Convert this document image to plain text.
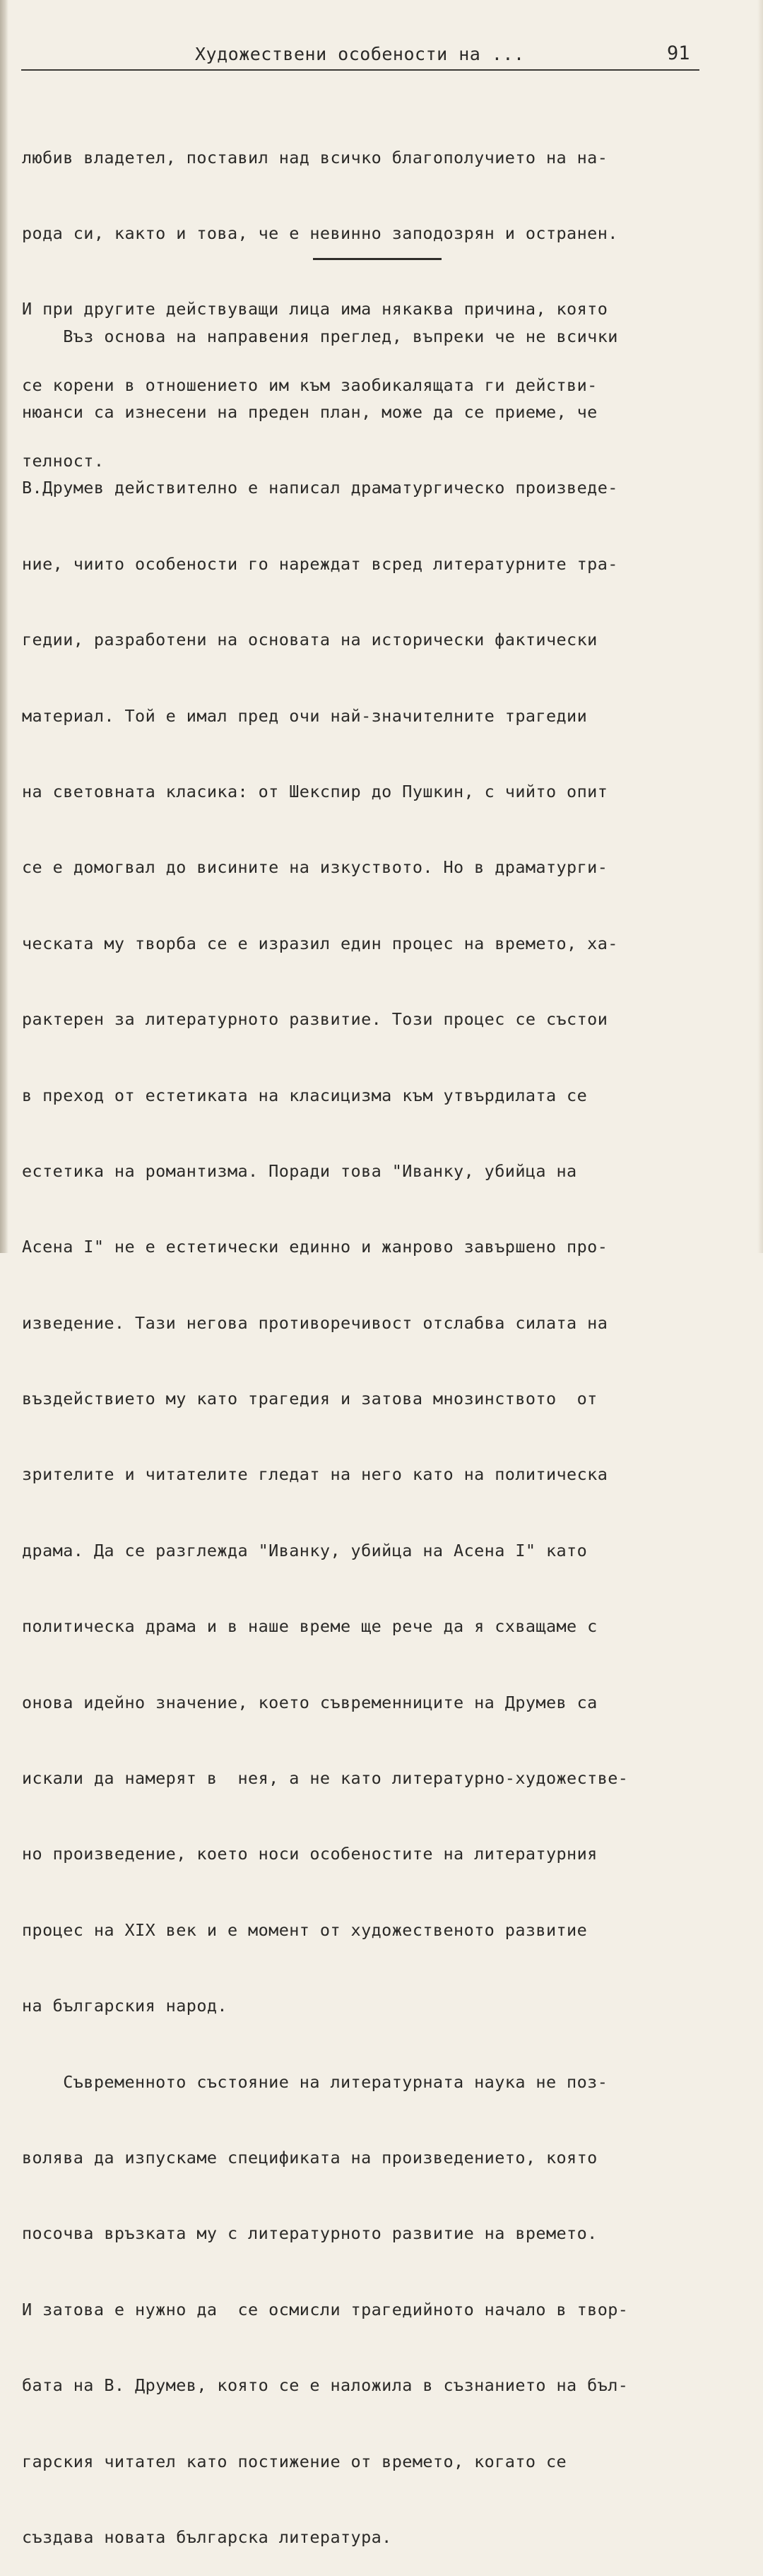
Художествени особености на ...	91

любив владетел, поставил над всичко благополучието на на-

рода си, както и това, че е невинно заподозрян и остранен.

И при другите действуващи лица има някаква причина, която

се корени в отношението им към заобикалящата ги действи-

телност.

Въз основа на направения преглед, въпреки че не всички

нюанси са изнесени на преден план, може да се приеме, че

В.Друмев действително е написал драматургическо произведе-

ние, чиито особености го нареждат всред литературните тра-

гедии, разработени на основата на исторически фактически

материал. Той е имал пред очи най-значителните трагедии

на световната класика: от Шекспир до Пушкин, с чийто опит

се е домогвал до висините на изкуството. Но в драматурги-

ческата му творба се е изразил един процес на времето, ха-

рактерен за литературното развитие. Този процес се състои

в преход от естетиката на класицизма към утвърдилата се

естетика на романтизма. Поради това "Иванку, убийца на

Асена I" не е естетически единно и жанрово завършено про-

изведение. Тази негова противоречивост отслабва силата на

въздействието му като трагедия и затова мнозинството  от

зрителите и читателите гледат на него като на политическа

драма. Да се разглежда "Иванку, убийца на Асена I" като

политическа драма и в наше време ще рече да я схващаме с

онова идейно значение, което съвременниците на Друмев са

искали да намерят в  нея, а не като литературно-художестве-

но произведение, което носи особеностите на литературния

процес на XIX век и е момент от художественото развитие

на българския народ.

Съвременното състояние на литературната наука не поз-

волява да изпускаме спецификата на произведението, която

посочва връзката му с литературното развитие на времето.

И затова е нужно да  се осмисли трагедийното начало в твор-

бата на В. Друмев, която се е наложила в съзнанието на бъл-

гарския читател като постижение от времето, когато се

създава новата българска литература.
